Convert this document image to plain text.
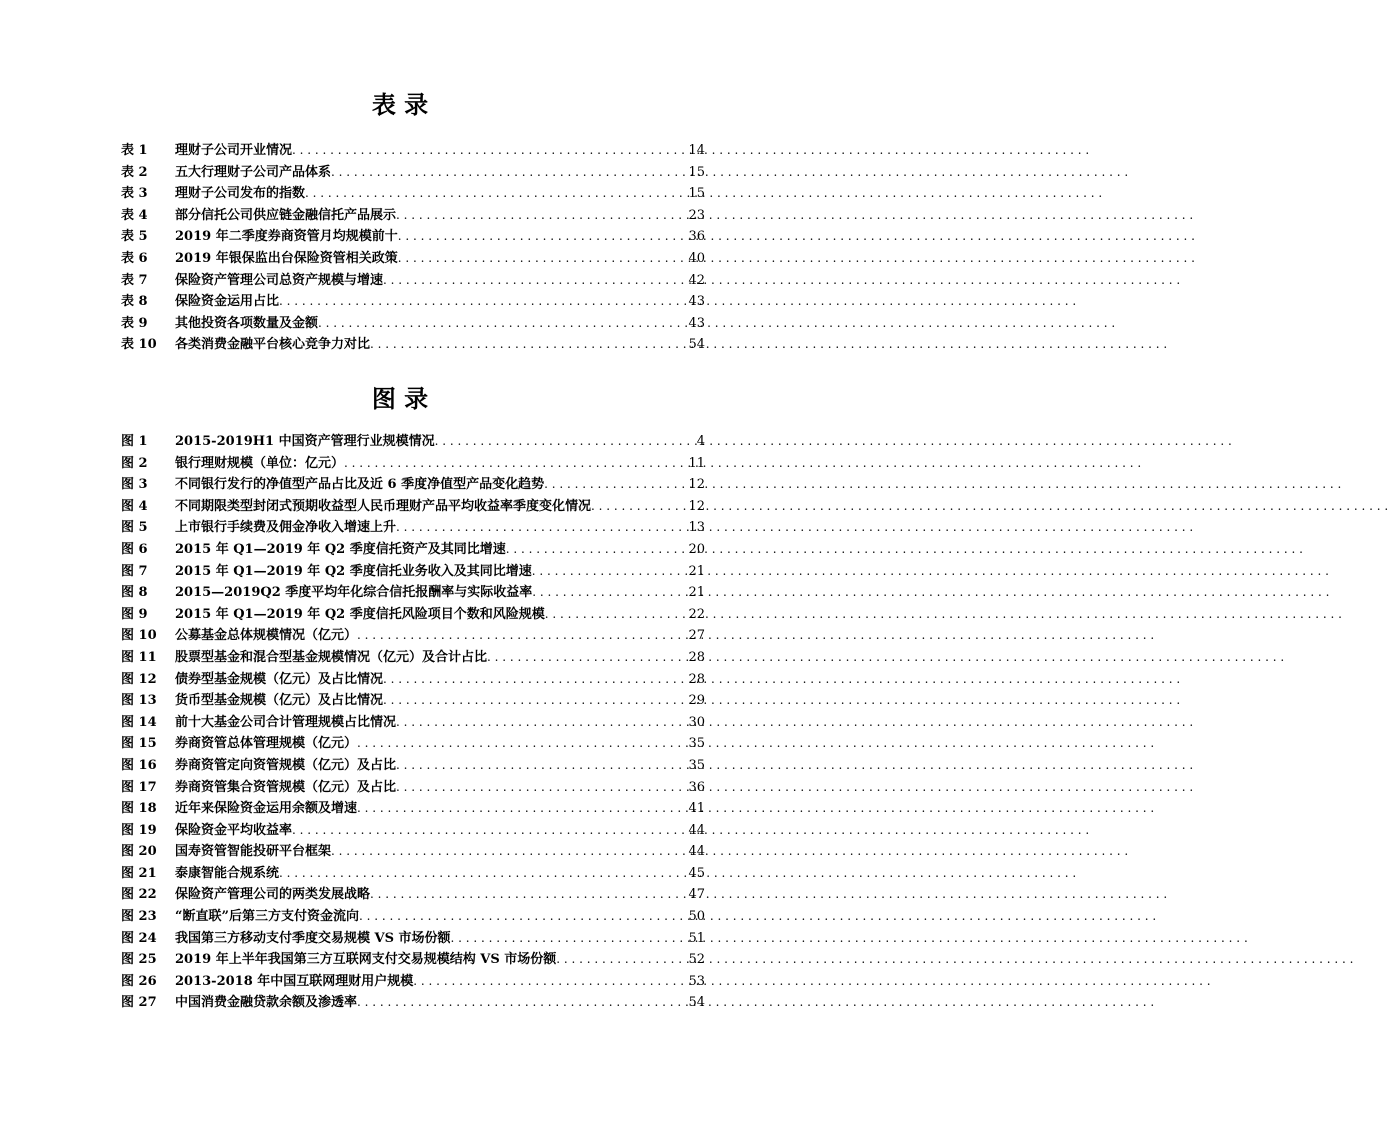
表 录
表 1	理财子公司开业情况 . . .	14
表 2	五大行理财子公司产品体系 . . .	15
表 3	理财子公司发布的指数 . . .	15
表 4	部分信托公司供应链金融信托产品展示 . . .	23
表 5	2019 年二季度券商资管月均规模前十 . . .	36
表 6	2019 年银保监出台保险资管相关政策 . . .	40
表 7	保险资产管理公司总资产规模与增速 . . .	42
表 8	保险资金运用占比 . . .	43
表 9	其他投资各项数量及金额 . . .	43
表 10	各类消费金融平台核心竞争力对比 . . .	54
图 录
图 1	2015-2019H1 中国资产管理行业规模情况 . . .	4
图 2	银行理财规模（单位：亿元） . . .	11
图 3	不同银行发行的净值型产品占比及近 6 季度净值型产品变化趋势 . . .	12
图 4	不同期限类型封闭式预期收益型人民币理财产品平均收益率季度变化情况 . . .	12
图 5	上市银行手续费及佣金净收入增速上升 . . .	13
图 6	2015 年 Q1—2019 年 Q2 季度信托资产及其同比增速 . . .	20
图 7	2015 年 Q1—2019 年 Q2 季度信托业务收入及其同比增速 . . .	21
图 8	2015—2019Q2 季度平均年化综合信托报酬率与实际收益率 . . .	21
图 9	2015 年 Q1—2019 年 Q2 季度信托风险项目个数和风险规模 . . .	22
图 10	公募基金总体规模情况（亿元） . . .	27
图 11	股票型基金和混合型基金规模情况（亿元）及合计占比 . . .	28
图 12	债券型基金规模（亿元）及占比情况 . . .	28
图 13	货币型基金规模（亿元）及占比情况 . . .	29
图 14	前十大基金公司合计管理规模占比情况 . . .	30
图 15	券商资管总体管理规模（亿元） . . .	35
图 16	券商资管定向资管规模（亿元）及占比 . . .	35
图 17	券商资管集合资管规模（亿元）及占比 . . .	36
图 18	近年来保险资金运用余额及增速 . . .	41
图 19	保险资金平均收益率 . . .	44
图 20	国寿资管智能投研平台框架 . . .	44
图 21	泰康智能合规系统 . . .	45
图 22	保险资产管理公司的两类发展战略 . . .	47
图 23	“断直联”后第三方支付资金流向 . . .	50
图 24	我国第三方移动支付季度交易规模 VS 市场份额 . . .	51
图 25	2019 年上半年我国第三方互联网支付交易规模结构 VS 市场份额 . . .	52
图 26	2013-2018 年中国互联网理财用户规模 . . .	53
图 27	中国消费金融贷款余额及渗透率 . . .	54
